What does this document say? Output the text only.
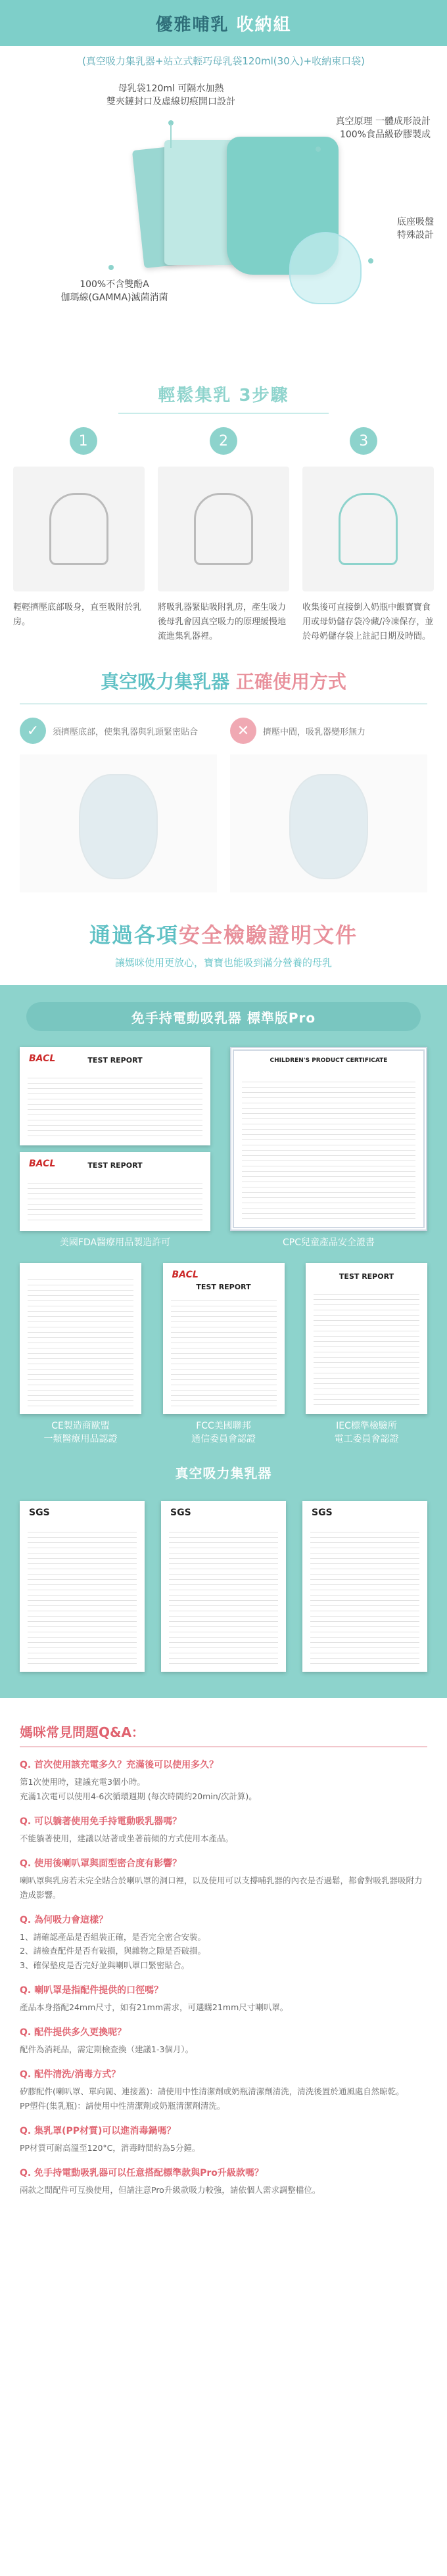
優雅哺乳 收納組

(真空吸力集乳器+站立式輕巧母乳袋120ml(30入)+收納束口袋)

母乳袋120ml 可隔水加熱
雙夾鏈封口及虛線切痕開口設計
真空原理 一體成形設計
100%食品級矽膠製成
底座吸盤
特殊設計
100%不含雙酚A
伽瑪線(GAMMA)滅菌消菌
輕鬆集乳 3步驟
1	2	3

輕輕擠壓底部吸身，直至吸附於乳房。

將吸乳器緊貼吸附乳房，產生吸力後母乳會因真空吸力的原理緩慢地流進集乳器裡。

收集後可直接倒入奶瓶中餵寶寶食用或母奶儲存袋冷藏/冷凍保存，並於母奶儲存袋上註記日期及時間。

真空吸力集乳器 正確使用方式
✓	須擠壓底部，使集乳器與乳頭緊密貼合	✕	擠壓中間，吸乳器變形無力
通過各項安全檢驗證明文件

讓媽咪使用更放心，寶寶也能吸到滿分營養的母乳

免手持電動吸乳器 標準版Pro
BACL	TEST REPORT
BACL	TEST REPORT

美國FDA醫療用品製造許可

CHILDREN'S PRODUCT CERTIFICATE

CPC兒童產品安全證書

CE製造商歐盟
一類醫療用品認證

BACL
TEST REPORT

FCC美國聯邦
通信委員會認證

TEST REPORT

IEC標準檢驗所
電工委員會認證

真空吸力集乳器
SGS	SGS	SGS
媽咪常見問題Q&A：

Q. 首次使用該充電多久？充滿後可以使用多久？

第1次使用時，建議充電3個小時。
充滿1次電可以使用4-6次循環週期 (每次時間約20min/次計算)。

Q. 可以躺著使用免手持電動吸乳器嗎？

不能躺著使用，建議以站著或坐著前傾的方式使用本產品。

Q. 使用後喇叭罩與面型密合度有影響？

喇叭罩與乳房若未完全貼合於喇叭罩的洞口裡，以及使用可以支撐哺乳器的內衣是否過鬆，都會對吸乳器吸附力造成影響。

Q. 為何吸力會這樣？

1、請確認產品是否組裝正確，是否完全密合安裝。
2、請檢查配件是否有破損，與雜物之隙是否破損。
3、確保墊皮是否完好並與喇叭罩口緊密貼合。

Q. 喇叭罩是指配件提供的口徑嗎？

產品本身搭配24mm尺寸，如有21mm需求，可選購21mm尺寸喇叭罩。

Q. 配件提供多久更換呢？

配件為消耗品，需定期檢查換（建議1-3個月）。

Q. 配件清洗/消毒方式？

矽膠配件(喇叭罩、單向閥、連接蓋)：請使用中性清潔劑或奶瓶清潔劑清洗，清洗後置於通風處自然晾乾。
PP塑件(集乳瓶)：請使用中性清潔劑或奶瓶清潔劑清洗。

Q. 集乳罩(PP材質)可以進消毒鍋嗎？

PP材質可耐高溫至120°C，消毒時間約為5分鐘。

Q. 免手持電動吸乳器可以任意搭配標準款與Pro升級款嗎？

兩款之間配件可互換使用，但請注意Pro升級款吸力較強，請依個人需求調整檔位。
